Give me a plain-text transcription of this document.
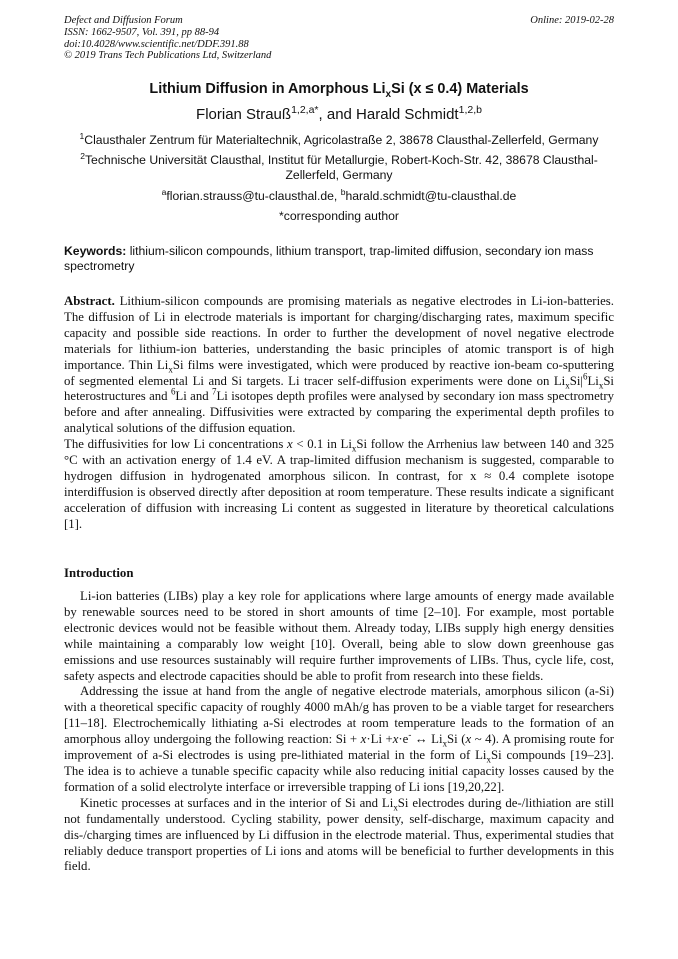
Defect and Diffusion Forum
ISSN: 1662-9507, Vol. 391, pp 88-94
doi:10.4028/www.scientific.net/DDF.391.88
© 2019 Trans Tech Publications Ltd, Switzerland
Online: 2019-02-28
Lithium Diffusion in Amorphous $Li_xSi$ (x ≤ 0.4) Materials
Florian Strauß$^{1,2,a*}$, and Harald Schmidt$^{1,2,b}$
$^1$Clausthaler Zentrum für Materialtechnik, Agricolastraße 2, 38678 Clausthal-Zellerfeld, Germany
$^2$Technische Universität Clausthal, Institut für Metallurgie, Robert-Koch-Str. 42, 38678 Clausthal-Zellerfeld, Germany
$^a$florian.strauss@tu-clausthal.de, $^b$harald.schmidt@tu-clausthal.de
*corresponding author
Keywords: lithium-silicon compounds, lithium transport, trap-limited diffusion, secondary ion mass spectrometry

Abstract. Lithium-silicon compounds are promising materials as negative electrodes in Li-ion-batteries. The diffusion of Li in electrode materials is important for charging/discharging rates, maximum specific capacity and possible side reactions. In order to further the development of novel negative electrode materials for lithium-ion batteries, understanding the basic principles of atomic transport is of high importance. Thin $Li_xSi$ films were investigated, which were produced by reactive ion-beam co-sputtering of segmented elemental Li and Si targets. Li tracer self-diffusion experiments were done on $Li_xSi|^6Li_xSi$ heterostructures and $^6$Li and $^7$Li isotopes depth profiles were analysed by secondary ion mass spectrometry before and after annealing. Diffusivities were extracted by comparing the experimental depth profiles to analytical solutions of the diffusion equation.

The diffusivities for low Li concentrations x < 0.1 in $Li_xSi$ follow the Arrhenius law between 140 and 325 °C with an activation energy of 1.4 eV. A trap-limited diffusion mechanism is suggested, comparable to hydrogen diffusion in hydrogenated amorphous silicon. In contrast, for x ≈ 0.4 complete isotope interdiffusion is observed directly after deposition at room temperature. These results indicate a significant acceleration of diffusion with increasing Li content as suggested in literature by theoretical calculations [1].

Introduction

Li-ion batteries (LIBs) play a key role for applications where large amounts of energy made available by renewable sources need to be stored in short amounts of time [2–10]. For example, most portable electronic devices would not be feasible without them. Already today, LIBs supply high energy densities while maintaining a comparably low weight [10]. Overall, being able to slow down greenhouse gas emissions and use resources sustainably will require further improvements of LIBs. Thus, cycle life, cost, safety aspects and electrode capacities should be able to profit from research into these fields.

Addressing the issue at hand from the angle of negative electrode materials, amorphous silicon (a-Si) with a theoretical specific capacity of roughly 4000 mAh/g has proven to be a viable target for researchers [11–18]. Electrochemically lithiating a-Si electrodes at room temperature leads to the formation of an amorphous alloy undergoing the following reaction: Si + x·Li +x·e- ↔ $Li_xSi$ (x ~ 4). A promising route for improvement of a-Si electrodes is using pre-lithiated material in the form of $Li_xSi$ compounds [19–23]. The idea is to achieve a tunable specific capacity while also reducing initial capacity losses caused by the formation of a solid electrolyte interface or irreversible trapping of Li ions [19,20,22].

Kinetic processes at surfaces and in the interior of Si and $Li_xSi$ electrodes during de-/lithiation are still not fundamentally understood. Cycling stability, power density, self-discharge, maximum capacity and dis-/charging times are influenced by Li diffusion in the electrode material. Thus, experimental studies that reliably deduce transport properties of Li ions and atoms will be beneficial to further developments in this field.
